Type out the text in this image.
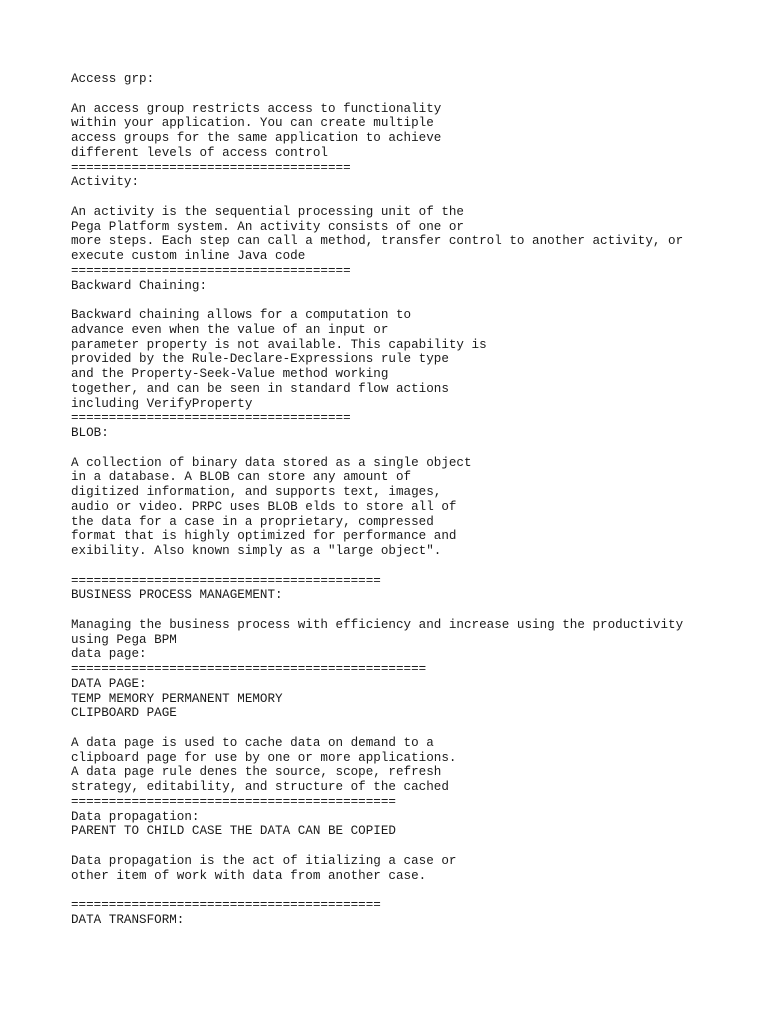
Access grp:
An access group restricts access to functionality
within your application. You can create multiple
access groups for the same application to achieve
different levels of access control
=====================================
Activity:
An activity is the sequential processing unit of the
Pega Platform system. An activity consists of one or
more steps. Each step can call a method, transfer control to another activity, or
execute custom inline Java code
=====================================
Backward Chaining:
Backward chaining allows for a computation to
advance even when the value of an input or
parameter property is not available. This capability is
provided by the Rule-Declare-Expressions rule type
and the Property-Seek-Value method working
together, and can be seen in standard flow actions
including VerifyProperty
=====================================
BLOB:
A collection of binary data stored as a single object
in a database. A BLOB can store any amount of
digitized information, and supports text, images,
audio or video. PRPC uses BLOB elds to store all of
the data for a case in a proprietary, compressed
format that is highly optimized for performance and
exibility. Also known simply as a "large object".
=========================================
BUSINESS PROCESS MANAGEMENT:
Managing the business process with efficiency and increase using the productivity
using Pega BPM
data page:
===============================================
DATA PAGE:
TEMP MEMORY PERMANENT MEMORY
CLIPBOARD PAGE
A data page is used to cache data on demand to a
clipboard page for use by one or more applications.
A data page rule denes the source, scope, refresh
strategy, editability, and structure of the cached
===========================================
Data propagation:
PARENT TO CHILD CASE THE DATA CAN BE COPIED
Data propagation is the act of itializing a case or
other item of work with data from another case.
=========================================
DATA TRANSFORM:
